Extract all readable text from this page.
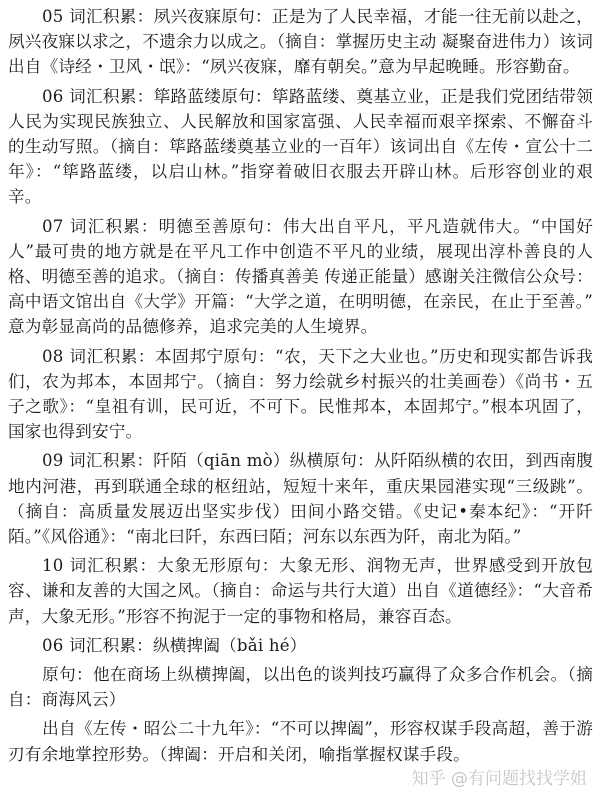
05 词汇积累：夙兴夜寐原句：正是为了人民幸福，才能一往无前以赴之，夙兴夜寐以求之，不遗余力以成之。（摘自：掌握历史主动 凝聚奋进伟力）该词出自《诗经・卫风・氓》：“夙兴夜寐，靡有朝矣。”意为早起晚睡。形容勤奋。

06 词汇积累：筚路蓝缕原句：筚路蓝缕、奠基立业，正是我们党团结带领人民为实现民族独立、人民解放和国家富强、人民幸福而艰辛探索、不懈奋斗的生动写照。（摘自：筚路蓝缕奠基立业的一百年）该词出自《左传・宣公十二年》：“筚路蓝缕，以启山林。”指穿着破旧衣服去开辟山林。后形容创业的艰辛。

07 词汇积累：明德至善原句：伟大出自平凡，平凡造就伟大。“中国好人”最可贵的地方就是在平凡工作中创造不平凡的业绩，展现出淳朴善良的人格、明德至善的追求。（摘自：传播真善美 传递正能量）感谢关注微信公众号：高中语文馆出自《大学》开篇：“大学之道，在明明德，在亲民，在止于至善。” 意为彰显高尚的品德修养，追求完美的人生境界。

08 词汇积累：本固邦宁原句：“农，天下之大业也。”历史和现实都告诉我们，农为邦本，本固邦宁。（摘自：努力绘就乡村振兴的壮美画卷）《尚书・五子之歌》：“皇祖有训，民可近，不可下。民惟邦本，本固邦宁。”根本巩固了，国家也得到安宁。

09 词汇积累：阡陌（qiān mò）纵横原句：从阡陌纵横的农田，到西南腹地内河港，再到联通全球的枢纽站，短短十来年，重庆果园港实现“三级跳”。（摘自：高质量发展迈出坚实步伐）田间小路交错。《史记•秦本纪》：“开阡陌。”《风俗通》：“南北曰阡，东西曰陌；河东以东西为阡，南北为陌。”

10 词汇积累：大象无形原句：大象无形、润物无声，世界感受到开放包容、谦和友善的大国之风。（摘自：命运与共行大道）出自《道德经》：“大音希声，大象无形。”形容不拘泥于一定的事物和格局，兼容百态。

06 词汇积累：纵横捭阖（bǎi hé）

原句：他在商场上纵横捭阖，以出色的谈判技巧赢得了众多合作机会。（摘自：商海风云）

出自《左传・昭公二十九年》：“不可以捭阖”，形容权谋手段高超，善于游刃有余地掌控形势。（捭阖：开启和关闭，喻指掌握权谋手段。

知乎 @有问题找找学姐
